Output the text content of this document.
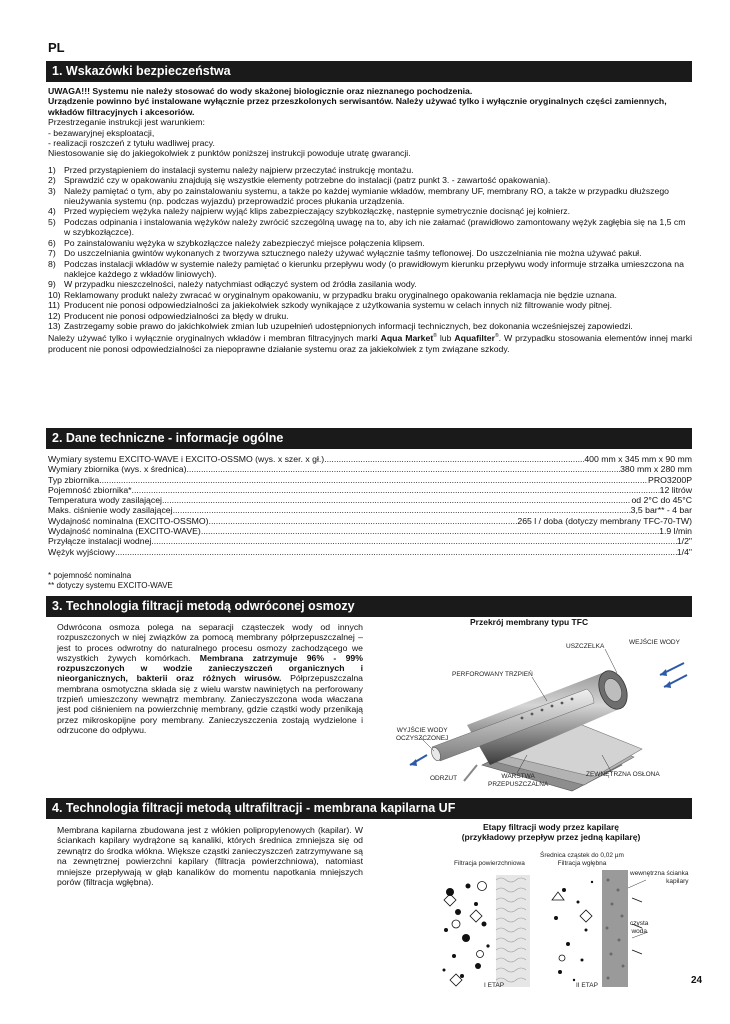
PL
1. Wskazówki bezpieczeństwa
UWAGA!!! Systemu nie należy stosować do wody skażonej biologicznie oraz nieznanego pochodzenia.
Urządzenie powinno być instalowane wyłącznie przez przeszkolonych serwisantów. Należy używać tylko i wyłącznie oryginalnych części zamiennych, wkładów filtracyjnych i akcesoriów.
Przestrzeganie instrukcji jest warunkiem:
- bezawaryjnej eksploatacji,
- realizacji roszczeń z tytułu wadliwej pracy.
Niestosowanie się do jakiegokolwiek z punktów poniższej instrukcji powoduje utratę gwarancji.
1) Przed przystąpieniem do instalacji systemu należy najpierw przeczytać instrukcję montażu.
2) Sprawdzić czy w opakowaniu znajdują się wszystkie elementy potrzebne do instalacji (patrz punkt 3. - zawartość opakowania).
3) Należy pamiętać o tym, aby po zainstalowaniu systemu, a także po każdej wymianie wkładów, membrany UF, membrany RO, a także w przypadku dłuższego nieużywania systemu (np. podczas wyjazdu) przeprowadzić proces płukania urządzenia.
4) Przed wypięciem wężyka należy najpierw wyjąć klips zabezpieczający szybkozłączkę, następnie symetrycznie docisnąć jej kołnierz.
5) Podczas odpinania i instalowania wężyków należy zwrócić szczególną uwagę na to, aby ich nie załamać (prawidłowo zamontowany wężyk zagłębia się na 1,5 cm w szybkozłączce).
6) Po zainstalowaniu wężyka w szybkozłączce należy zabezpieczyć miejsce połączenia klipsem.
7) Do uszczelniania gwintów wykonanych z tworzywa sztucznego należy używać wyłącznie taśmy teflonowej. Do uszczelniania nie można używać pakuł.
8) Podczas instalacji wkładów w systemie należy pamiętać o kierunku przepływu wody (o prawidłowym kierunku przepływu wody informuje strzałka umieszczona na naklejce każdego z wkładów liniowych).
9) W przypadku nieszczelności, należy natychmiast odłączyć system od źródła zasilania wody.
10) Reklamowany produkt należy zwracać w oryginalnym opakowaniu, w przypadku braku oryginalnego opakowania reklamacja nie będzie uznana.
11) Producent nie ponosi odpowiedzialności za jakiekolwiek szkody wynikające z użytkowania systemu w celach innych niż filtrowanie wody pitnej.
12) Producent nie ponosi odpowiedzialności za błędy w druku.
13) Zastrzegamy sobie prawo do jakichkolwiek zmian lub uzupełnień udostępnionych informacji technicznych, bez dokonania wcześniejszej zapowiedzi.
Należy używać tylko i wyłącznie oryginalnych wkładów i membran filtracyjnych marki Aqua Market® lub Aquafilter®. W przypadku stosowania elementów innej marki producent nie ponosi odpowiedzialności za niepoprawne działanie systemu oraz za jakiekolwiek z tym związane szkody.
2. Dane techniczne - informacje ogólne
Wymiary systemu EXCITO-WAVE i EXCITO-OSSMO (wys. x szer. x gł.) .....	400 mm x 345 mm x 90 mm
Wymiary zbiornika (wys. x średnica) .....	380 mm x 280 mm
Typ zbiornika .....	PRO3200P
Pojemność zbiornika* .....	12 litrów
Temperatura wody zasilającej .....	od 2°C do 45°C
Maks. ciśnienie wody zasilającej .....	3,5 bar** - 4 bar
Wydajność nominalna (EXCITO-OSSMO) .....	265 l / doba (dotyczy membrany TFC-70-TW)
Wydajność nominalna (EXCITO-WAVE) .....	1.9 l/min
Przyłącze instalacji wodnej .....	1/2"
Wężyk wyjściowy .....	1/4"
* pojemność nominalna
** dotyczy systemu EXCITO-WAVE
3. Technologia filtracji metodą odwróconej osmozy
Odwrócona osmoza polega na separacji cząsteczek wody od innych rozpuszczonych w niej związków za pomocą membrany półprzepuszczalnej – jest to proces odwrotny do naturalnego procesu osmozy zachodzącego we wszystkich żywych komórkach. Membrana zatrzymuje 96% - 99% rozpuszczonych w wodzie zanieczyszczeń organicznych i nieorganicznych, bakterii oraz różnych wirusów. Półprzepuszczalna membrana osmotyczna składa się z wielu warstw nawiniętych na perforowany trzpień umieszczony wewnątrz membrany. Zanieczyszczona woda właczana jest pod ciśnieniem na powierzchnię membrany, gdzie cząstki wody przenikają przez mikroskopijne pory membrany. Zanieczyszczenia zostają wydzielone i odrzucone do odpływu.
Przekrój membrany typu TFC
USZCZELKA
WEJŚCIE WODY
PERFOROWANY TRZPIEŃ
WYJŚCIE WODY
OCZYSZCZONEJ
ODRZUT	WARSTWA
PRZEPUSZCZALNA
ZEWNĘTRZNA OSŁONA
4. Technologia filtracji metodą ultrafiltracji - membrana kapilarna UF
Membrana kapilarna zbudowana jest z włókien polipropylenowych (kapilar). W ściankach kapilary wydrążone są kanaliki, których średnica zmniejsza się od zewnątrz do środka włókna. Większe cząstki zanieczyszczeń zatrzymywane są na zewnętrznej powierzchni kapilary (filtracja powierzchniowa), natomiast mniejsze przepływają w głąb kanalików do momentu napotkania mniejszych porów (filtracja wgłębna).
Etapy filtracji wody przez kapilarę
(przykładowy przepływ przez jedną kapilarę)
Filtracja powierzchniowa
Średnica cząstek do 0,02 µm
Filtracja wgłębna
wewnętrzna ścianka
kapilary
czysta
woda
I ETAP	II ETAP	24
